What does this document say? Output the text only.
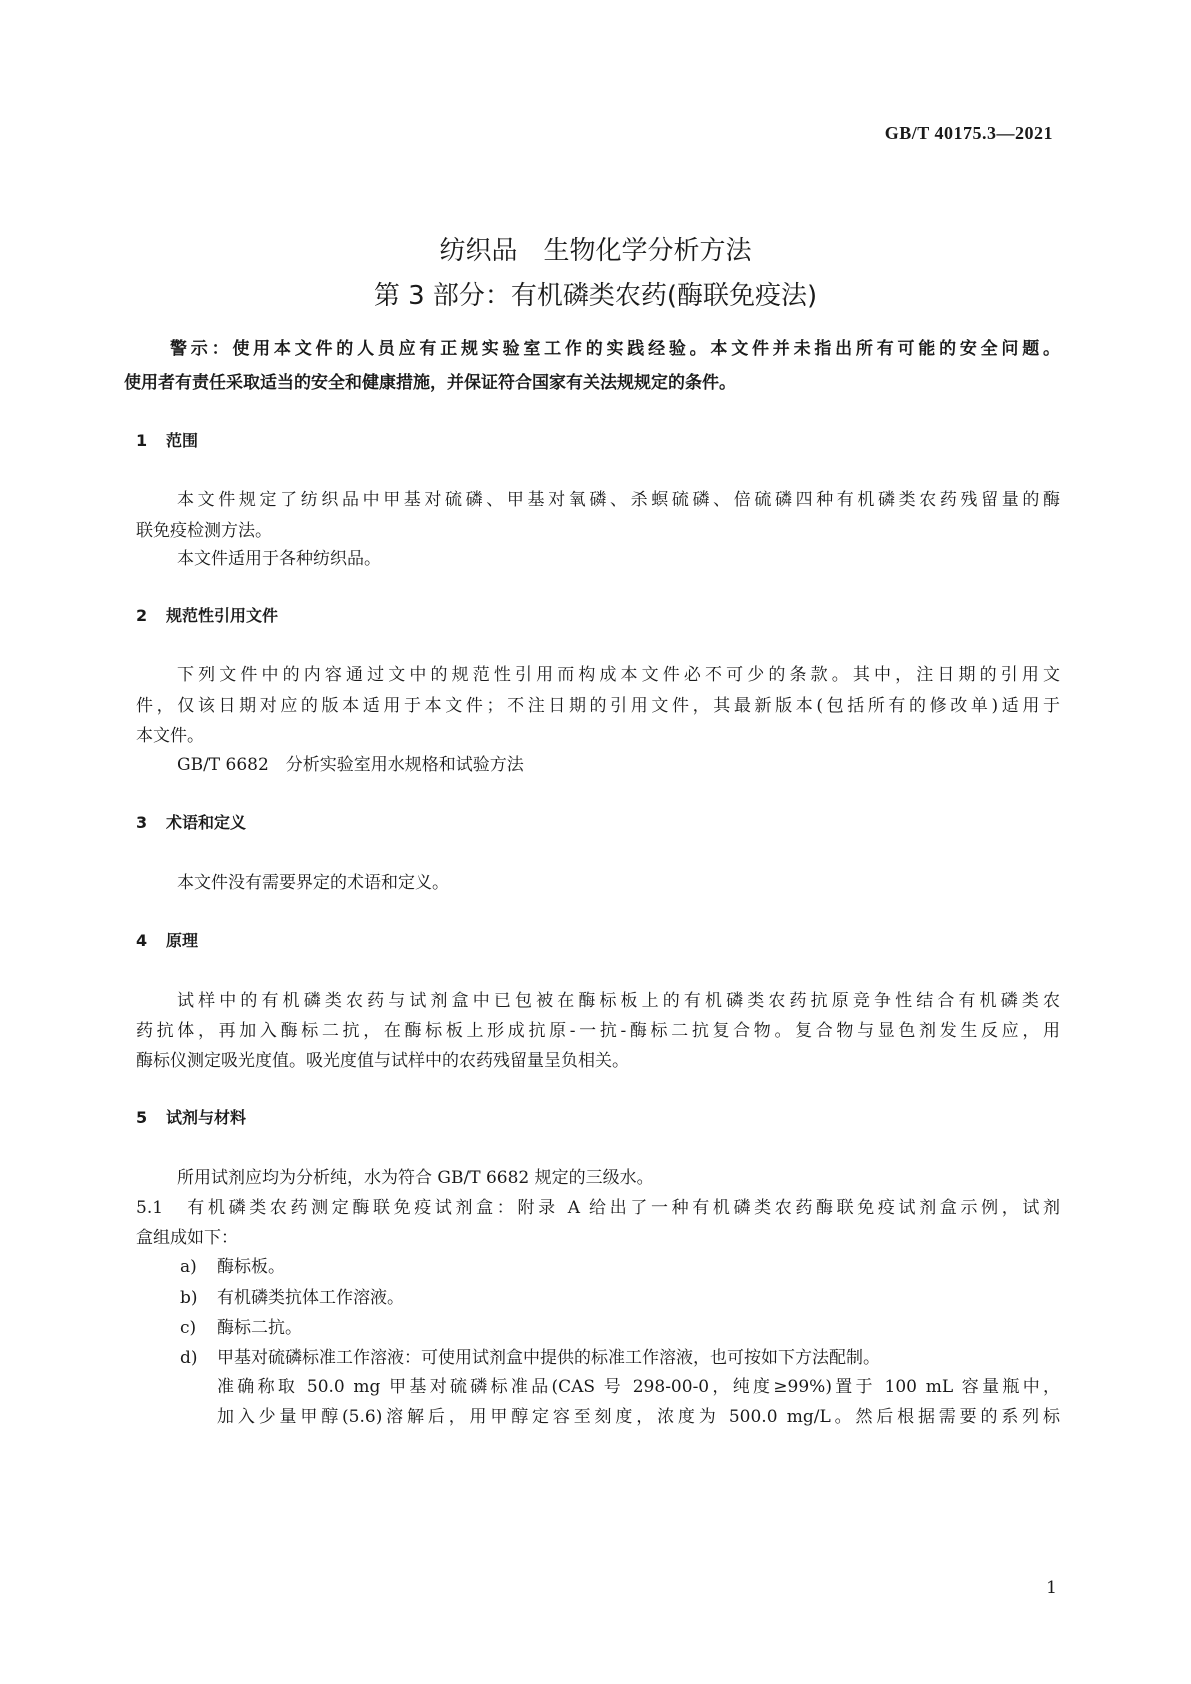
GB/T 40175.3—2021
纺织品　生物化学分析方法
第 3 部分：有机磷类农药(酶联免疫法)
警示：使用本文件的人员应有正规实验室工作的实践经验。本文件并未指出所有可能的安全问题。
使用者有责任采取适当的安全和健康措施，并保证符合国家有关法规规定的条件。
1 范围
本文件规定了纺织品中甲基对硫磷、甲基对氧磷、杀螟硫磷、倍硫磷四种有机磷类农药残留量的酶
联免疫检测方法。
本文件适用于各种纺织品。
2 规范性引用文件
下列文件中的内容通过文中的规范性引用而构成本文件必不可少的条款。其中，注日期的引用文
件，仅该日期对应的版本适用于本文件；不注日期的引用文件，其最新版本(包括所有的修改单)适用于
本文件。
GB/T 6682　分析实验室用水规格和试验方法
3 术语和定义
本文件没有需要界定的术语和定义。
4 原理
试样中的有机磷类农药与试剂盒中已包被在酶标板上的有机磷类农药抗原竞争性结合有机磷类农
药抗体，再加入酶标二抗，在酶标板上形成抗原-一抗-酶标二抗复合物。复合物与显色剂发生反应，用
酶标仪测定吸光度值。吸光度值与试样中的农药残留量呈负相关。
5 试剂与材料
所用试剂应均为分析纯，水为符合 GB/T 6682 规定的三级水。
5.1　有机磷类农药测定酶联免疫试剂盒：附录 A 给出了一种有机磷类农药酶联免疫试剂盒示例，试剂
盒组成如下：
a) 酶标板。
b) 有机磷类抗体工作溶液。
c) 酶标二抗。
d) 甲基对硫磷标准工作溶液：可使用试剂盒中提供的标准工作溶液，也可按如下方法配制。
准确称取 50.0 mg 甲基对硫磷标准品(CAS 号 298-00-0，纯度≥99%)置于 100 mL 容量瓶中，
加入少量甲醇(5.6)溶解后，用甲醇定容至刻度，浓度为 500.0 mg/L。然后根据需要的系列标
1
